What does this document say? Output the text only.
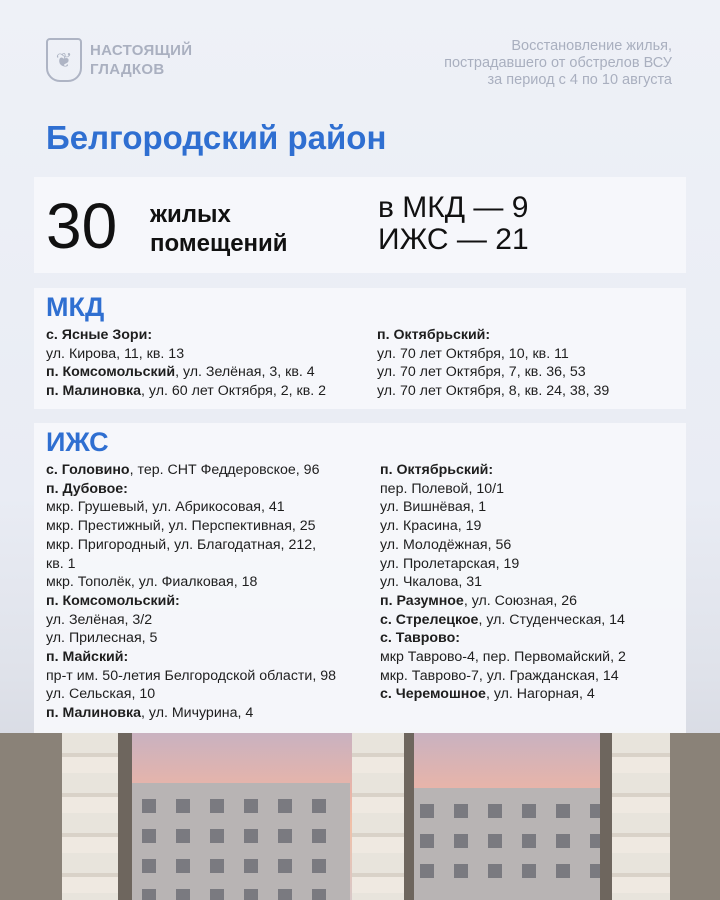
❦	НАСТОЯЩИЙ
ГЛАДКОВ
Восстановление жилья,
пострадавшего от обстрелов ВСУ
за период с 4 по 10 августа
Белгородский район
30 жилых
помещений
в МКД — 9
ИЖС — 21
МКД
с. Ясные Зори:
ул. Кирова, 11, кв. 13
п. Комсомольский, ул. Зелёная, 3, кв. 4
п. Малиновка, ул. 60 лет Октября, 2, кв. 2
п. Октябрьский:
ул. 70 лет Октября, 10, кв. 11
ул. 70 лет Октября, 7, кв. 36, 53
ул. 70 лет Октября, 8, кв. 24, 38, 39
ИЖС
с. Головино, тер. СНТ Феддеровское, 96
п. Дубовое:
мкр. Грушевый, ул. Абрикосовая, 41
мкр. Престижный, ул. Перспективная, 25
мкр. Пригородный, ул. Благодатная, 212,
кв. 1
мкр. Тополёк, ул. Фиалковая, 18
п. Комсомольский:
ул. Зелёная, 3/2
ул. Прилесная, 5
п. Майский:
пр-т им. 50-летия Белгородской области, 98
ул. Сельская, 10
п. Малиновка, ул. Мичурина, 4
п. Октябрьский:
пер. Полевой, 10/1
ул. Вишнёвая, 1
ул. Красина, 19
ул. Молодёжная, 56
ул. Пролетарская, 19
ул. Чкалова, 31
п. Разумное, ул. Союзная, 26
с. Стрелецкое, ул. Студенческая, 14
с. Таврово:
мкр Таврово-4, пер. Первомайский, 2
мкр. Таврово-7, ул. Гражданская, 14
с. Черемошное, ул. Нагорная, 4
